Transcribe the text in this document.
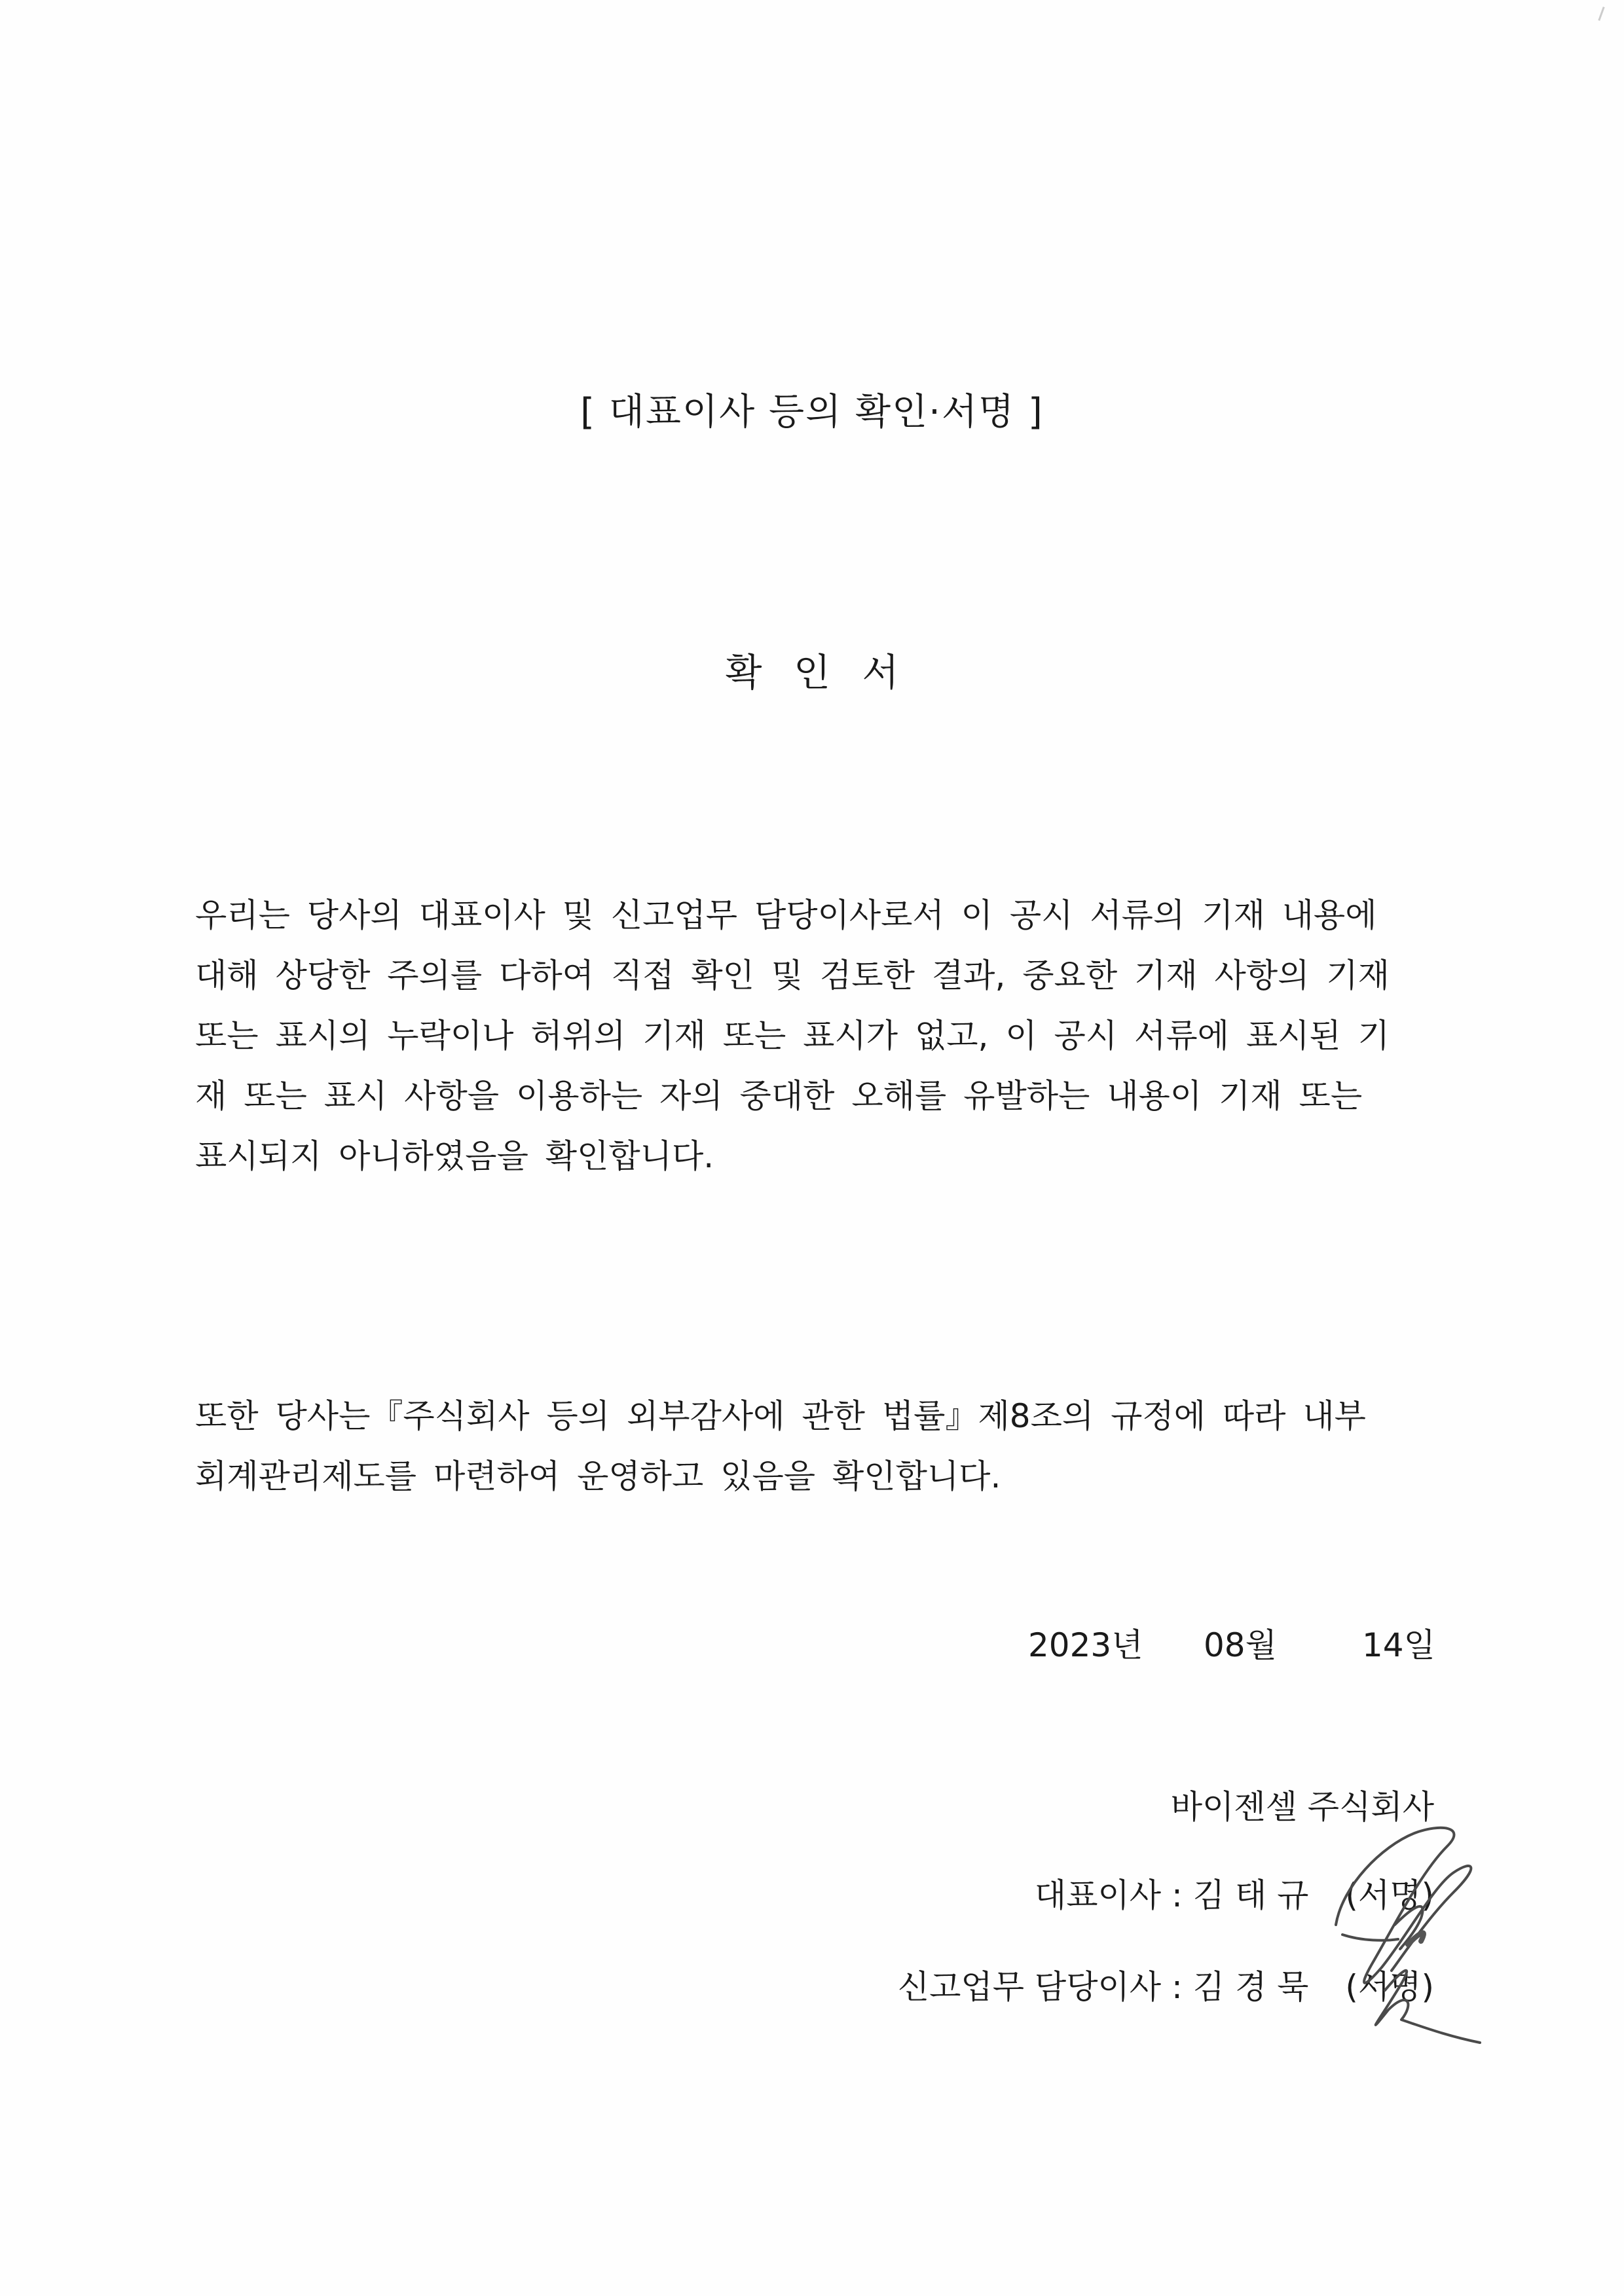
[ 대표이사 등의 확인·서명 ]
확 인 서
우리는 당사의 대표이사 및 신고업무 담당이사로서 이 공시 서류의 기재 내용에
대해 상당한 주의를 다하여 직접 확인 및 검토한 결과, 중요한 기재 사항의 기재
또는 표시의 누락이나 허위의 기재 또는 표시가 없고, 이 공시 서류에 표시된 기
재 또는 표시 사항을 이용하는 자의 중대한 오해를 유발하는 내용이 기재 또는
표시되지 아니하였음을 확인합니다.
또한 당사는『주식회사 등의 외부감사에 관한 법률』제8조의 규정에 따라 내부
회계관리제도를 마련하여 운영하고 있음을 확인합니다.
2023년 08월	14일
바이젠셀 주식회사
대표이사 : 김 태 규 (서명)
신고업무 담당이사 : 김 경 묵 (서명)
